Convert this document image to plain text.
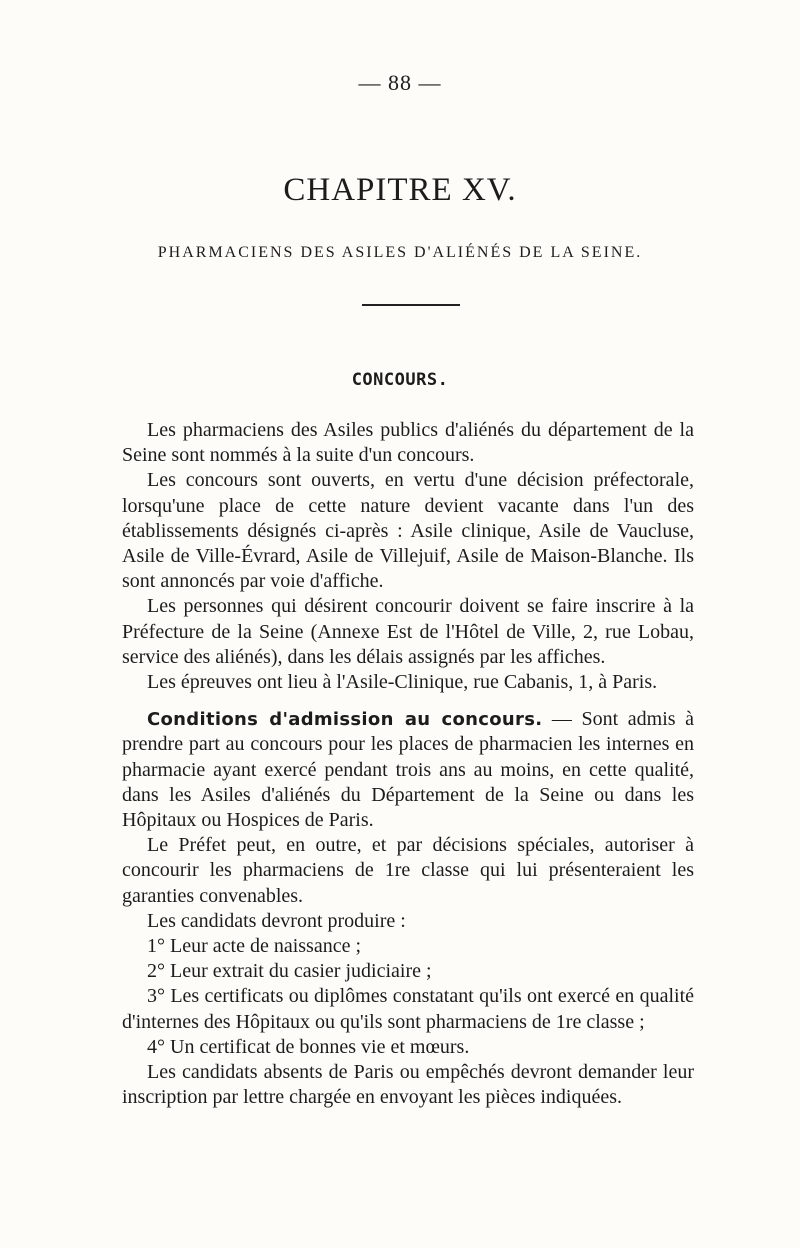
— 88 —
CHAPITRE XV.
PHARMACIENS DES ASILES D'ALIÉNÉS DE LA SEINE.
CONCOURS.

Les pharmaciens des Asiles publics d'aliénés du département de la Seine sont nommés à la suite d'un concours.

Les concours sont ouverts, en vertu d'une décision préfectorale, lorsqu'une place de cette nature devient vacante dans l'un des établissements désignés ci-après : Asile clinique, Asile de Vaucluse, Asile de Ville-Évrard, Asile de Villejuif, Asile de Maison-Blanche. Ils sont annoncés par voie d'affiche.

Les personnes qui désirent concourir doivent se faire inscrire à la Préfecture de la Seine (Annexe Est de l'Hôtel de Ville, 2, rue Lobau, service des aliénés), dans les délais assignés par les affiches.

Les épreuves ont lieu à l'Asile-Clinique, rue Cabanis, 1, à Paris.

Conditions d'admission au concours. — Sont admis à prendre part au concours pour les places de pharmacien les internes en pharmacie ayant exercé pendant trois ans au moins, en cette qualité, dans les Asiles d'aliénés du Département de la Seine ou dans les Hôpitaux ou Hospices de Paris.

Le Préfet peut, en outre, et par décisions spéciales, autoriser à concourir les pharmaciens de 1re classe qui lui présenteraient les garanties convenables.

Les candidats devront produire :

1° Leur acte de naissance ;

2° Leur extrait du casier judiciaire ;

3° Les certificats ou diplômes constatant qu'ils ont exercé en qualité d'internes des Hôpitaux ou qu'ils sont pharmaciens de 1re classe ;

4° Un certificat de bonnes vie et mœurs.

Les candidats absents de Paris ou empêchés devront demander leur inscription par lettre chargée en envoyant les pièces indiquées.
